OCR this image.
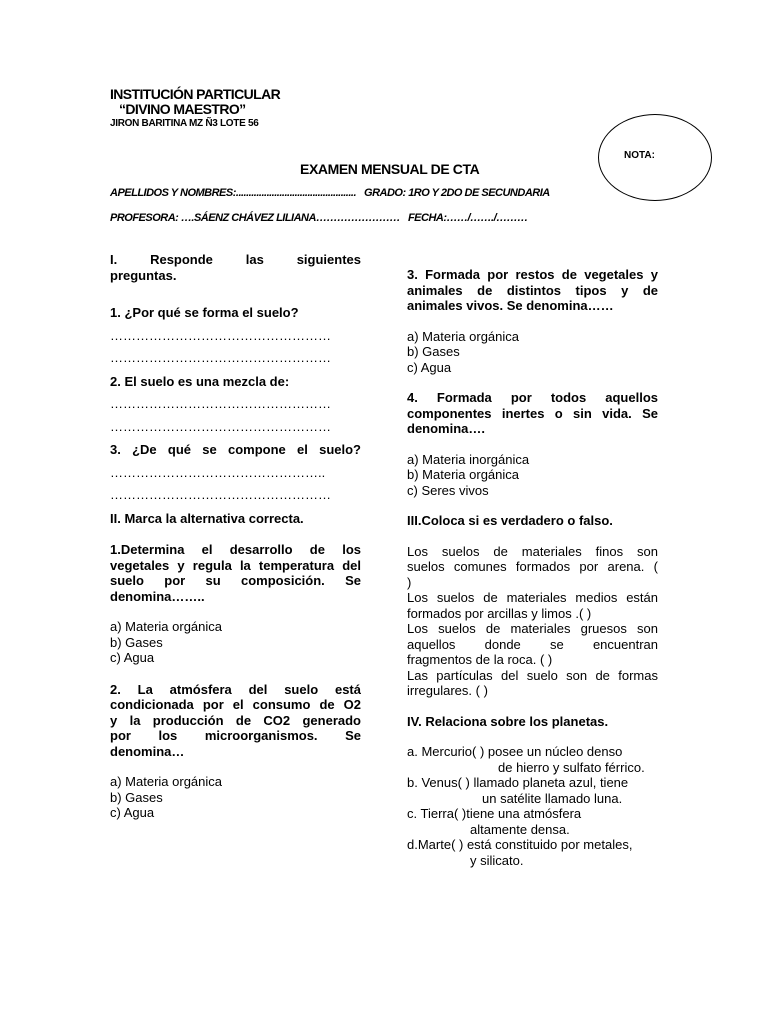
INSTITUCIÓN PARTICULAR
“DIVINO MAESTRO”
JIRON BARITINA MZ Ñ3 LOTE 56
NOTA:
EXAMEN MENSUAL DE CTA
APELLIDOS Y NOMBRES:............................................... GRADO: 1RO Y 2DO DE SECUNDARIA
PROFESORA: ….SÁENZ CHÁVEZ LILIANA…………………… FECHA:……/……./………

I. Responde las siguientes

preguntas.

1. ¿Por qué se forma el suelo?

……………………………………………

……………………………………………

2. El suelo es una mezcla de:

……………………………………………

……………………………………………

3. ¿De qué se compone el suelo?

…………………………………………..

……………………………………………

II. Marca la alternativa correcta.

1.Determina el desarrollo de los

vegetales y regula la temperatura del

suelo por su composición. Se

denomina……..

a) Materia orgánica

b) Gases

c) Agua

2. La atmósfera del suelo está

condicionada por el consumo de O2

y la producción de CO2 generado

por los microorganismos. Se

denomina…

a) Materia orgánica

b) Gases

c) Agua

3. Formada por restos de vegetales y

animales de distintos tipos y de

animales vivos. Se denomina……

a) Materia orgánica

b) Gases

c) Agua

4. Formada por todos aquellos

componentes inertes o sin vida. Se

denomina….

a) Materia inorgánica

b) Materia orgánica

c) Seres vivos

III.Coloca si es verdadero o falso.

Los suelos de materiales finos son

suelos comunes formados por arena. (

)

Los suelos de materiales medios están

formados por arcillas y limos .( )

Los suelos de materiales gruesos son

aquellos donde se encuentran

fragmentos de la roca. ( )

Las partículas del suelo son de formas

irregulares. ( )

IV. Relaciona sobre los planetas.

a. Mercurio( ) posee un núcleo denso

de hierro y sulfato férrico.

b. Venus( ) llamado planeta azul, tiene

un satélite llamado luna.

c. Tierra( )tiene una atmósfera

altamente densa.

d.Marte( ) está constituido por metales,

y silicato.
